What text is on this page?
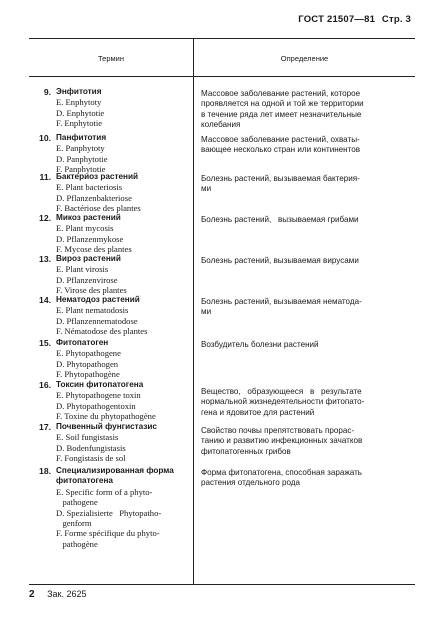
ГОСТ 21507—81 Стр. 3
Термин	Определение
9. Энфитотия
E. Enphytoty
D. Enphytotie
F. Enphytotie
Массовое заболевание растений, которое
проявляется на одной и той же территории
в течение ряда лет имеет незначительные
колебания
10. Панфитотия
E. Panphytoty
D. Panphytotie
F. Panphytotie
Массовое заболевание растений, охваты-
вающее несколько стран или континентов
11. Бактериоз растений
E. Plant bacteriosis
D. Pflanzenbakteriose
F. Bactériose des plantes
Болезнь растений, вызываемая бактерия-
ми
12. Микоз растений
E. Plant mycosis
D. Pflanzenmykose
F. Mycose des plantes
Болезнь растений,   вызываемая грибами
13. Вироз растений
E. Plant virosis
D. Pflanzenvirose
F. Virose des plantes
Болезнь растений, вызываемая вирусами
14. Нематодоз растений
E. Plant nematodosis
D. Pflanzennematodose
F. Nématodose des plantes
Болезнь растений, вызываемая нематода-
ми
15. Фитопатоген
E. Phytopathogene
D. Phytopathogen
F. Phytopathogène
Возбудитель болезни растений
16. Токсин фитопатогена
E. Phytopathogene toxin
D. Phytopathogentoxin
F. Toxine du phytopathogène
Вещество,   образующееся   в   результате
нормальной жизнедеятельности фитопато-
гена и ядовитое для растений
17. Почвенный фунгистазис
E. Soil fungistasis
D. Bodenfungistasis
F. Fongistasis de sol
Свойство почвы препятствовать прорас-
танию и развитию инфекционных зачатков
фитопатогенных грибов
18. Специализированная форма
фитопатогена
E. Specific form of a phyto-
pathogene
D. Spezialisierte   Phytopatho-
genform
F. Forme spécifique du phyto-
pathogène
Форма фитопатогена, способная заражать
растения отдельного рода
2 Зак. 2625
